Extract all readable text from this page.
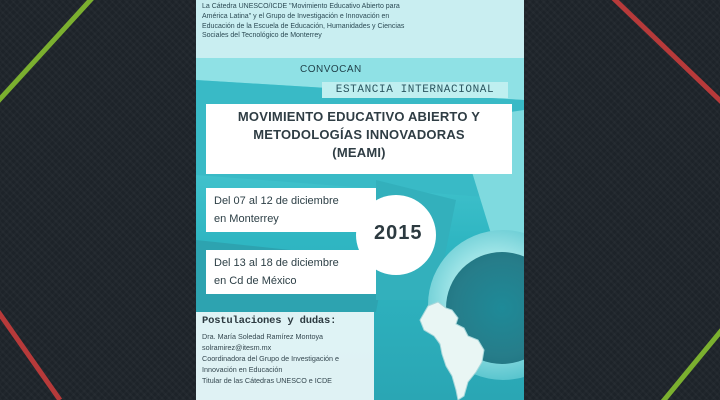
La Cátedra UNESCO/ICDE "Movimiento Educativo Abierto para
América Latina" y el Grupo de Investigación e Innovación en
Educación de la Escuela de Educación, Humanidades y Ciencias
Sociales del Tecnológico de Monterrey
CONVOCAN
ESTANCIA INTERNACIONAL
MOVIMIENTO EDUCATIVO ABIERTO Y
METODOLOGÍAS INNOVADORAS
(MEAMI)
Del 07 al 12 de diciembre
en Monterrey
Del 13 al 18 de diciembre
en Cd de México
2015
Postulaciones y dudas:
Dra. María Soledad Ramírez Montoya
solramirez@itesm.mx
Coordinadora del Grupo de Investigación e
Innovación en Educación
Titular de las Cátedras UNESCO e ICDE
